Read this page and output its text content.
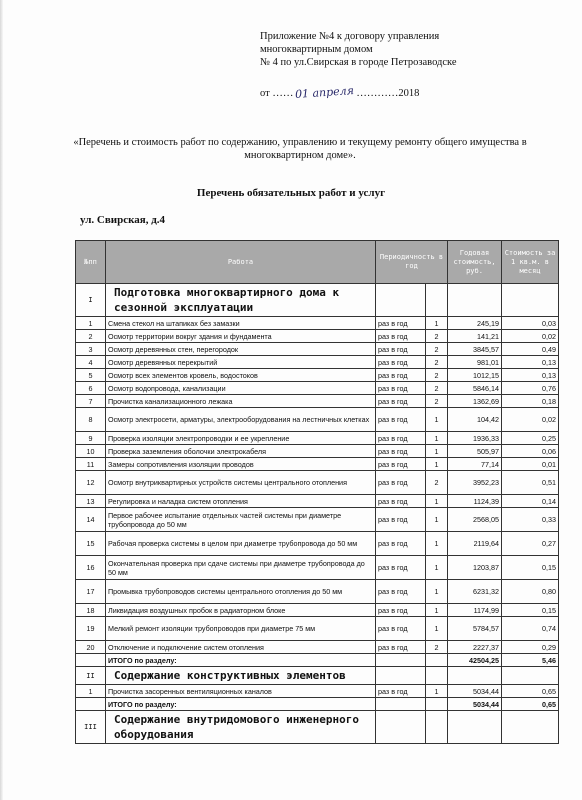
Приложение №4 к договору управления
многоквартирным домом
№ 4 по ул.Свирская в городе Петрозаводске
от …… 01 апреля …………2018
«Перечень и стоимость работ по содержанию, управлению и текущему ремонту общего имущества в многоквартирном доме».
Перечень обязательных работ и услуг
ул. Свирская, д.4
№пп	Работа	Периодичность в год		Годовая стоимость, руб.	Стоимость за 1 кв.м. в месяц
I	Подготовка многоквартирного дома к сезонной эксплуатации				
1	Смена стекол на штапиках без замазки	раз в год	1	245,19	0,03
2	Осмотр территории вокруг здания и фундамента	раз в год	2	141,21	0,02
3	Осмотр деревянных стен, перегородок	раз в год	2	3845,57	0,49
4	Осмотр деревянных перекрытий	раз в год	2	981,01	0,13
5	Осмотр всех элементов кровель, водостоков	раз в год	2	1012,15	0,13
6	Осмотр водопровода, канализации	раз в год	2	5846,14	0,76
7	Прочистка канализационного лежака	раз в год	2	1362,69	0,18
8	Осмотр электросети, арматуры, электрооборудования на лестничных клетках	раз в год	1	104,42	0,02
9	Проверка изоляции электропроводки и ее укрепление	раз в год	1	1936,33	0,25
10	Проверка заземления оболочки электрокабеля	раз в год	1	505,97	0,06
11	Замеры сопротивления изоляции проводов	раз в год	1	77,14	0,01
12	Осмотр внутриквартирных устройств системы центрального отопления	раз в год	2	3952,23	0,51
13	Регулировка и наладка систем отопления	раз в год	1	1124,39	0,14
14	Первое рабочее испытание отдельных частей системы при диаметре трубопровода до 50 мм	раз в год	1	2568,05	0,33
15	Рабочая проверка системы в целом при диаметре трубопровода до 50 мм	раз в год	1	2119,64	0,27
16	Окончательная проверка при сдаче системы при диаметре трубопровода до 50 мм	раз в год	1	1203,87	0,15
17	Промывка трубопроводов системы центрального отопления до 50 мм	раз в год	1	6231,32	0,80
18	Ликвидация воздушных пробок в радиаторном блоке	раз в год	1	1174,99	0,15
19	Мелкий ремонт изоляции трубопроводов при диаметре 75 мм	раз в год	1	5784,57	0,74
20	Отключение и подключение систем отопления	раз в год	2	2227,37	0,29
	ИТОГО по разделу:			42504,25	5,46
II	Содержание конструктивных элементов				
1	Прочистка засоренных вентиляционных каналов	раз в год	1	5034,44	0,65
	ИТОГО по разделу:			5034,44	0,65
III	Содержание внутридомового инженерного оборудования				
